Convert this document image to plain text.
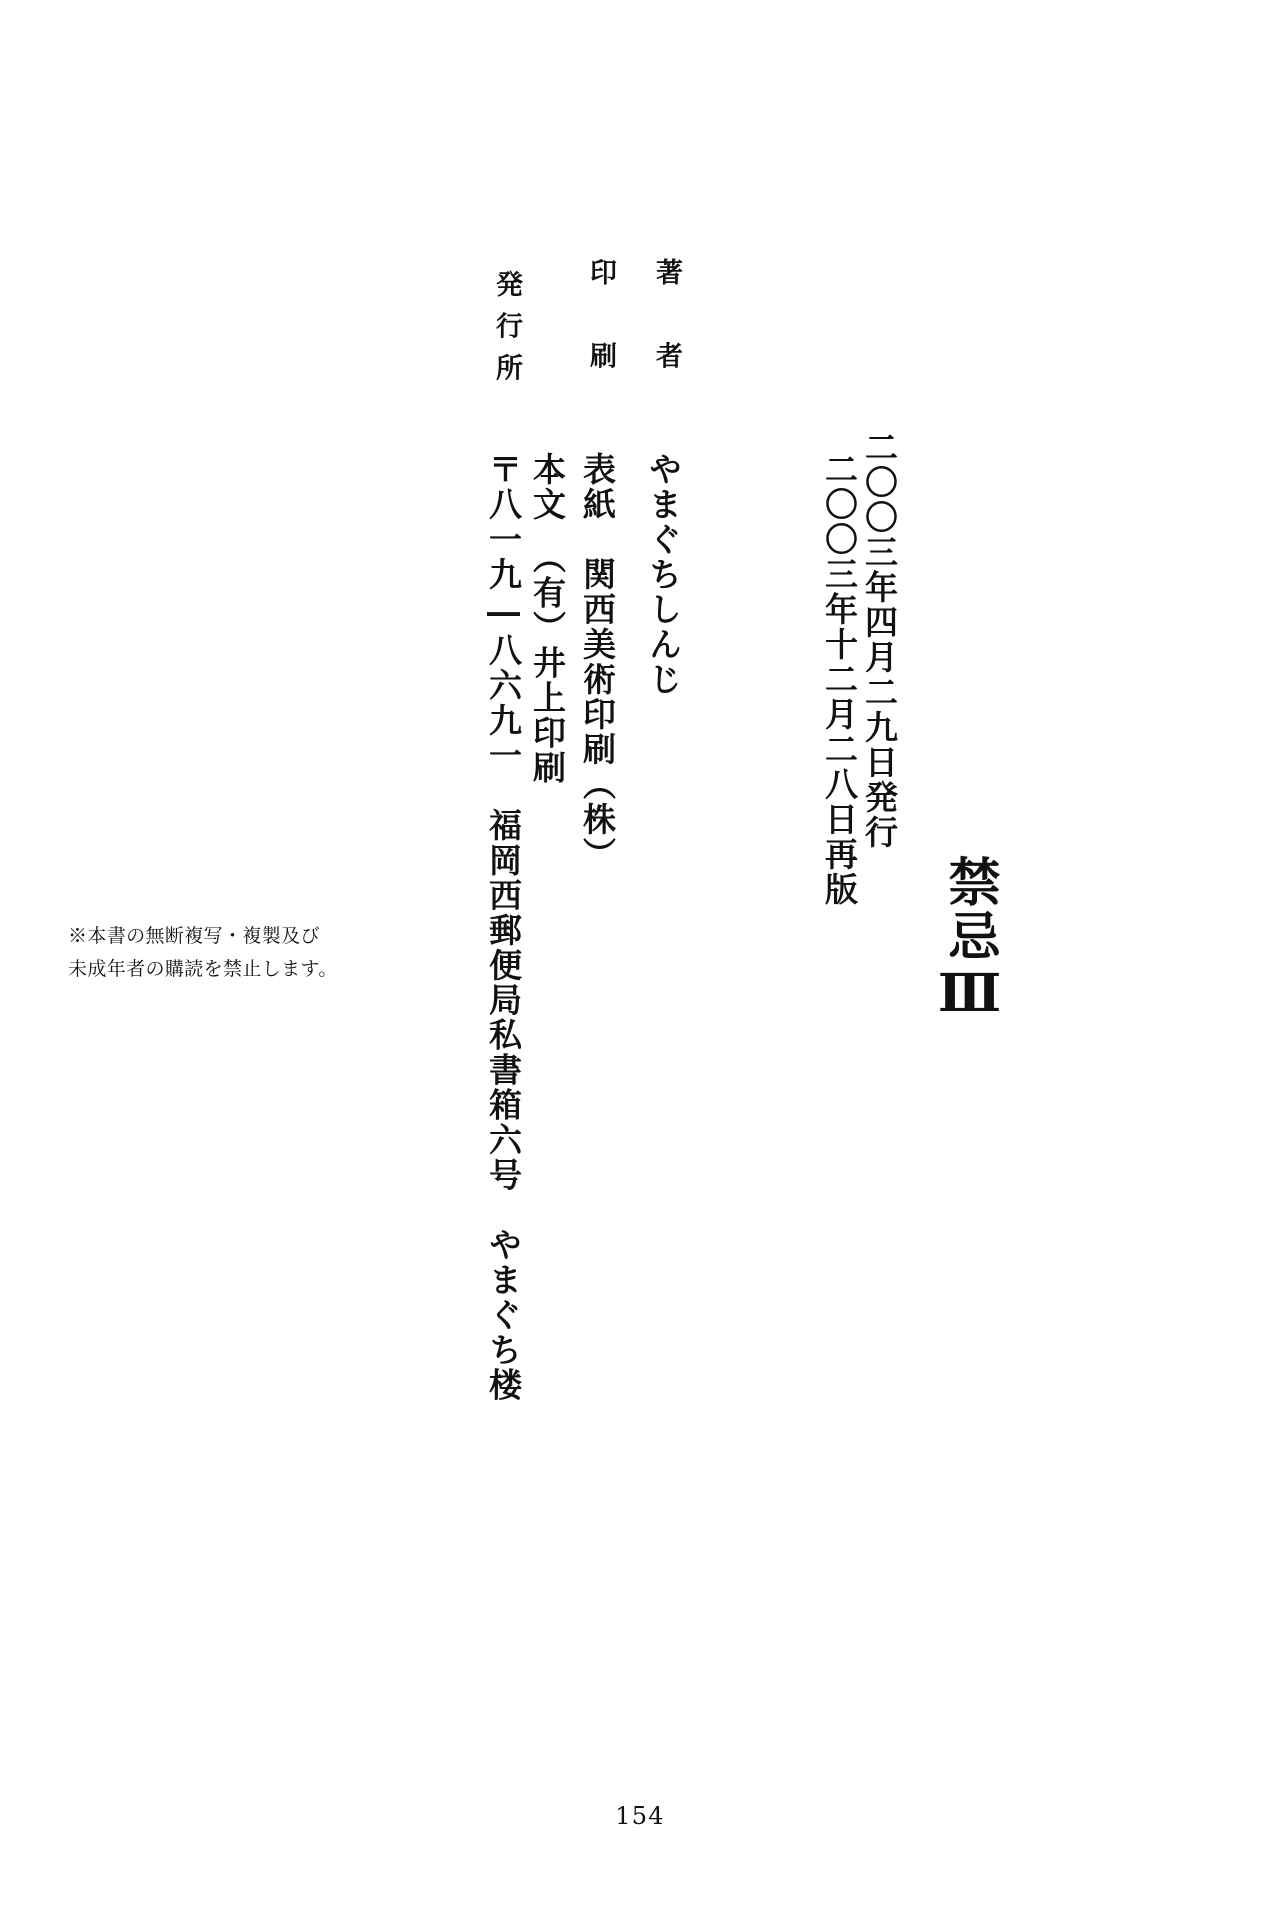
禁忌Ⅲ
二〇〇三年四月二九日発行
二〇〇三年十二月二八日再版
著　者
やまぐちしんじ
印　刷
表紙　関西美術印刷（株）
本文　（有）井上印刷
発行所
〒八一九―八六九一　福岡西郵便局私書箱六号　やまぐち楼
※本書の無断複写・複製及び
未成年者の購読を禁止します。
154
